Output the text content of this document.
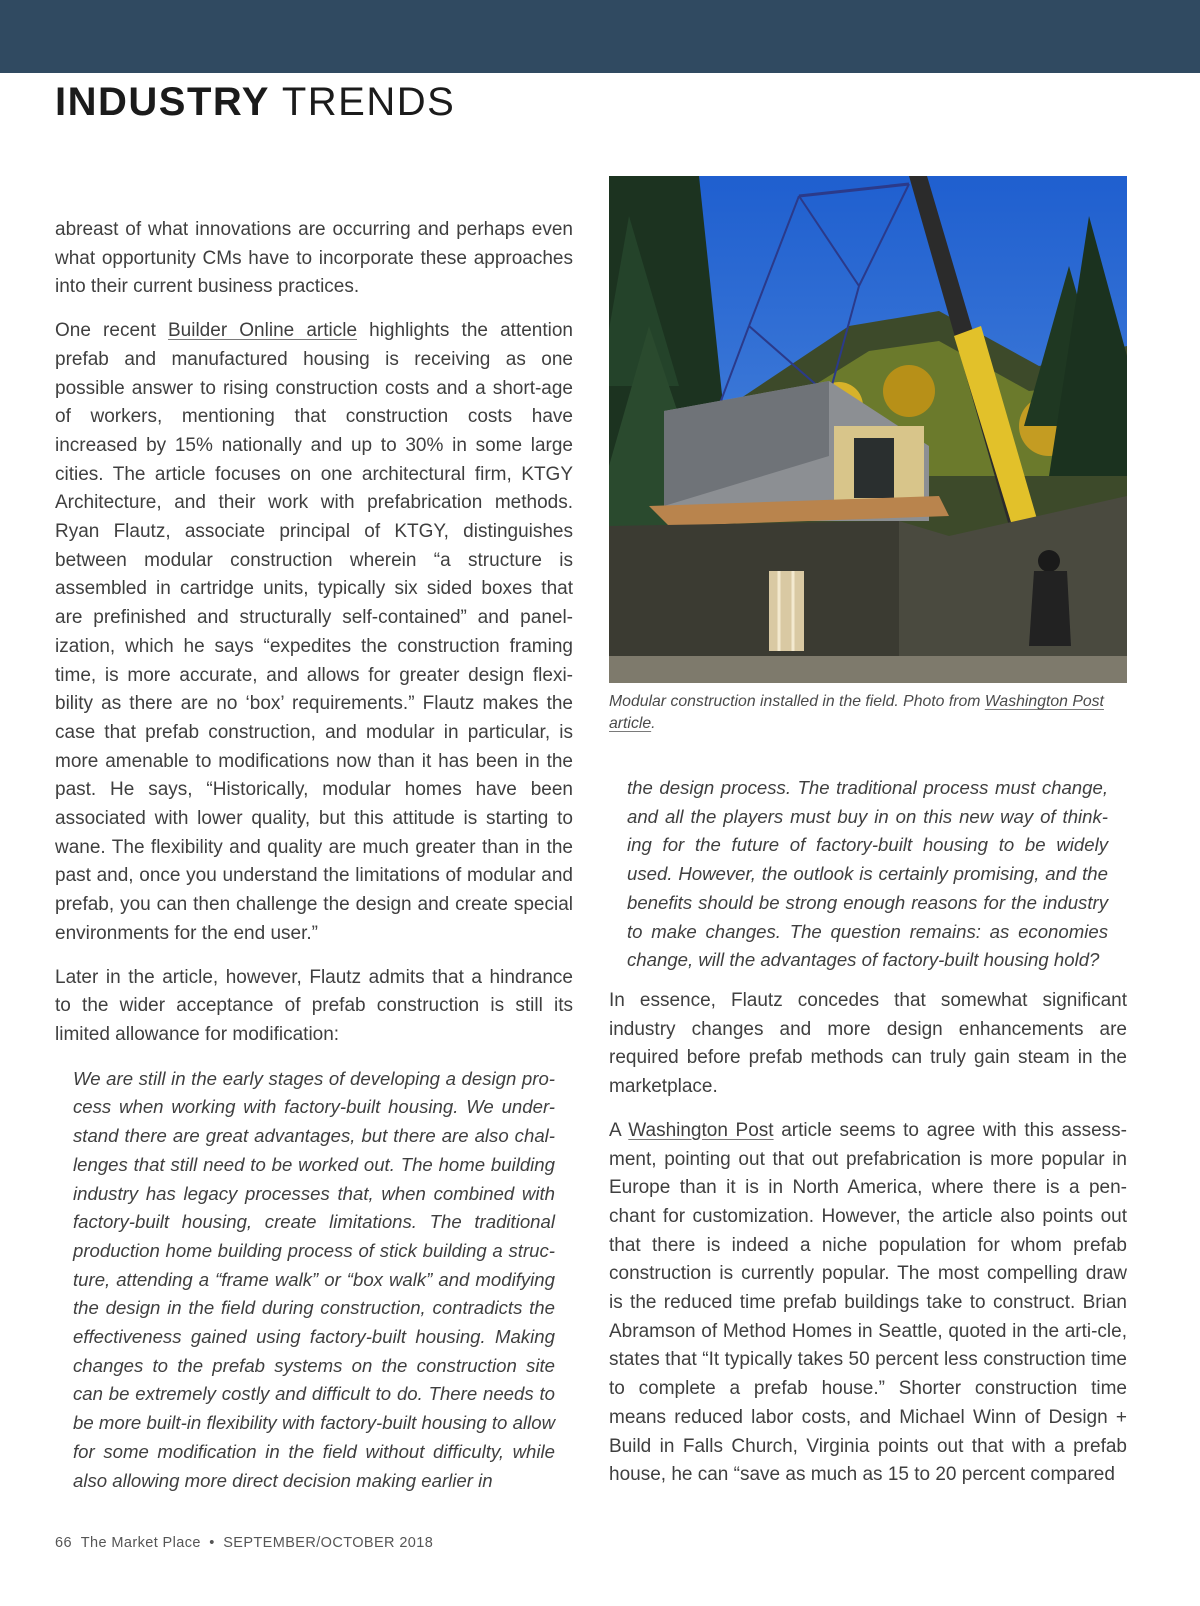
INDUSTRY TRENDS

abreast of what innovations are occurring and perhaps even what opportunity CMs have to incorporate these approaches into their current business practices.

One recent Builder Online article highlights the attention prefab and manufactured housing is receiving as one possible answer to rising construction costs and a short-age of workers, mentioning that construction costs have increased by 15% nationally and up to 30% in some large cities. The article focuses on one architectural firm, KTGY Architecture, and their work with prefabrication methods. Ryan Flautz, associate principal of KTGY, distinguishes between modular construction wherein “a structure is assembled in cartridge units, typically six sided boxes that are prefinished and structurally self-contained” and panel-ization, which he says “expedites the construction framing time, is more accurate, and allows for greater design flexi-bility as there are no ‘box’ requirements.” Flautz makes the case that prefab construction, and modular in particular, is more amenable to modifications now than it has been in the past. He says, “Historically, modular homes have been associated with lower quality, but this attitude is starting to wane. The flexibility and quality are much greater than in the past and, once you understand the limitations of modular and prefab, you can then challenge the design and create special environments for the end user.”

Later in the article, however, Flautz admits that a hindrance to the wider acceptance of prefab construction is still its limited allowance for modification:

We are still in the early stages of developing a design pro-cess when working with factory-built housing. We under-stand there are great advantages, but there are also chal-lenges that still need to be worked out. The home building industry has legacy processes that, when combined with factory-built housing, create limitations. The traditional production home building process of stick building a struc-ture, attending a “frame walk” or “box walk” and modifying the design in the field during construction, contradicts the effectiveness gained using factory-built housing. Making changes to the prefab systems on the construction site can be extremely costly and difficult to do. There needs to be more built-in flexibility with factory-built housing to allow for some modification in the field without difficulty, while also allowing more direct decision making earlier in
Modular construction installed in the field. Photo from Washington Post article.
the design process. The traditional process must change, and all the players must buy in on this new way of think-ing for the future of factory-built housing to be widely used. However, the outlook is certainly promising, and the benefits should be strong enough reasons for the industry to make changes. The question remains: as economies change, will the advantages of factory-built housing hold?

In essence, Flautz concedes that somewhat significant industry changes and more design enhancements are required before prefab methods can truly gain steam in the marketplace.

A Washington Post article seems to agree with this assess-ment, pointing out that out prefabrication is more popular in Europe than it is in North America, where there is a pen-chant for customization. However, the article also points out that there is indeed a niche population for whom prefab construction is currently popular. The most compelling draw is the reduced time prefab buildings take to construct. Brian Abramson of Method Homes in Seattle, quoted in the arti-cle, states that “It typically takes 50 percent less construction time to complete a prefab house.” Shorter construction time means reduced labor costs, and Michael Winn of Design + Build in Falls Church, Virginia points out that with a prefab house, he can “save as much as 15 to 20 percent compared

66 The Market Place • SEPTEMBER/OCTOBER 2018
